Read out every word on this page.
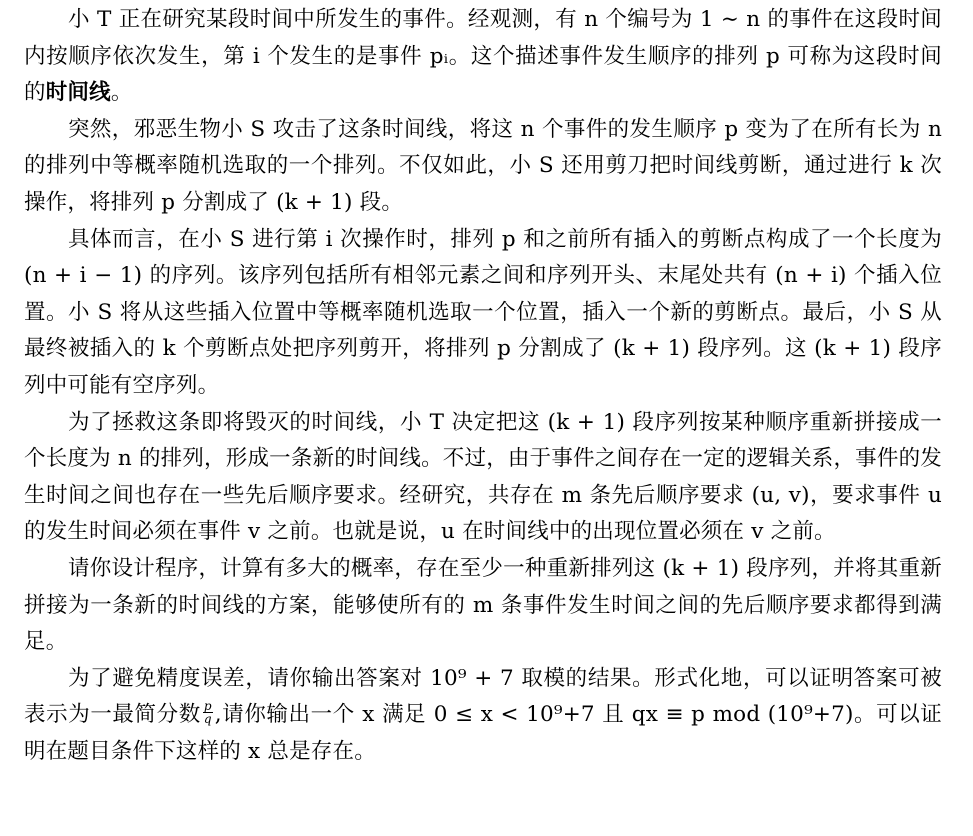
小 T 正在研究某段时间中所发生的事件。经观测，有 n 个编号为 1 ∼ n 的事件在这段时间内按顺序依次发生，第 i 个发生的是事件 pᵢ。这个描述事件发生顺序的排列 p 可称为这段时间的时间线。

突然，邪恶生物小 S 攻击了这条时间线，将这 n 个事件的发生顺序 p 变为了在所有长为 n 的排列中等概率随机选取的一个排列。不仅如此，小 S 还用剪刀把时间线剪断，通过进行 k 次操作，将排列 p 分割成了 (k + 1) 段。

具体而言，在小 S 进行第 i 次操作时，排列 p 和之前所有插入的剪断点构成了一个长度为 (n + i − 1) 的序列。该序列包括所有相邻元素之间和序列开头、末尾处共有 (n + i) 个插入位置。小 S 将从这些插入位置中等概率随机选取一个位置，插入一个新的剪断点。最后，小 S 从最终被插入的 k 个剪断点处把序列剪开，将排列 p 分割成了 (k + 1) 段序列。这 (k + 1) 段序列中可能有空序列。

为了拯救这条即将毁灭的时间线，小 T 决定把这 (k + 1) 段序列按某种顺序重新拼接成一个长度为 n 的排列，形成一条新的时间线。不过，由于事件之间存在一定的逻辑关系，事件的发生时间之间也存在一些先后顺序要求。经研究，共存在 m 条先后顺序要求 (u, v)，要求事件 u 的发生时间必须在事件 v 之前。也就是说，u 在时间线中的出现位置必须在 v 之前。

请你设计程序，计算有多大的概率，存在至少一种重新排列这 (k + 1) 段序列，并将其重新拼接为一条新的时间线的方案，能够使所有的 m 条事件发生时间之间的先后顺序要求都得到满足。

为了避免精度误差，请你输出答案对 10⁹ + 7 取模的结果。形式化地，可以证明答案可被表示为一最简分数 $\frac{p}{q}$ ,请你输出一个 x 满足 0 ≤ x < 10⁹+7 且 qx ≡ p mod (10⁹+7)。可以证明在题目条件下这样的 x 总是存在。
